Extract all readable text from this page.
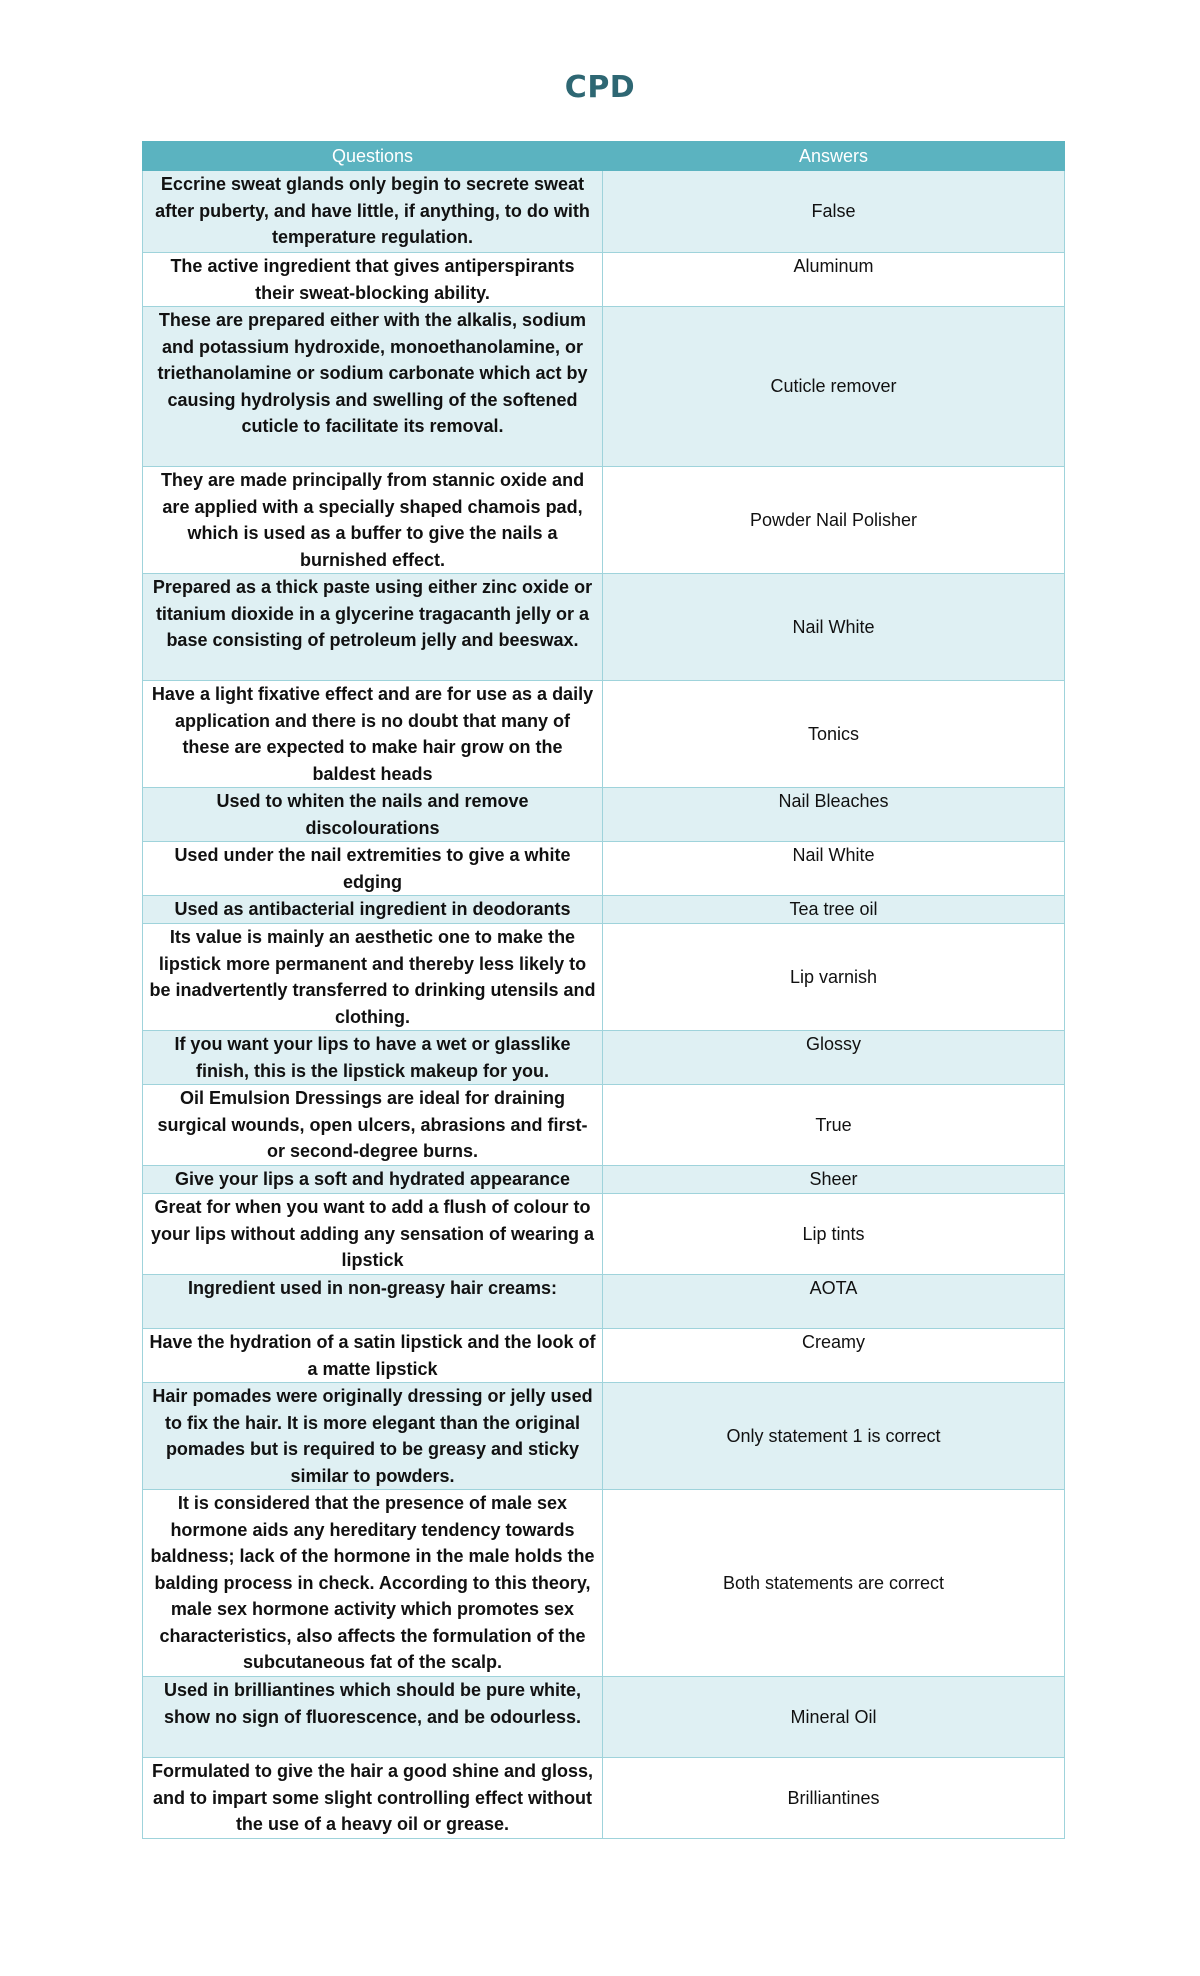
CPD
Questions	Answers
Eccrine sweat glands only begin to secrete sweat after puberty, and have little, if anything, to do with temperature regulation.	False
The active ingredient that gives antiperspirants their sweat-blocking ability.	Aluminum
These are prepared either with the alkalis, sodium and potassium hydroxide, monoethanolamine, or triethanolamine or sodium carbonate which act by causing hydrolysis and swelling of the softened cuticle to facilitate its removal.	Cuticle remover
They are made principally from stannic oxide and are applied with a specially shaped chamois pad, which is used as a buffer to give the nails a burnished effect.	Powder Nail Polisher
Prepared as a thick paste using either zinc oxide or titanium dioxide in a glycerine tragacanth jelly or a base consisting of petroleum jelly and beeswax.	Nail White
Have a light fixative effect and are for use as a daily application and there is no doubt that many of these are expected to make hair grow on the baldest heads	Tonics
Used to whiten the nails and remove discolourations	Nail Bleaches
Used under the nail extremities to give a white edging	Nail White
Used as antibacterial ingredient in deodorants	Tea tree oil
Its value is mainly an aesthetic one to make the lipstick more permanent and thereby less likely to be inadvertently transferred to drinking utensils and clothing.	Lip varnish
If you want your lips to have a wet or glasslike finish, this is the lipstick makeup for you.	Glossy
Oil Emulsion Dressings are ideal for draining surgical wounds, open ulcers, abrasions and first- or second-degree burns.	True
Give your lips a soft and hydrated appearance	Sheer
Great for when you want to add a flush of colour to your lips without adding any sensation of wearing a lipstick	Lip tints
Ingredient used in non-greasy hair creams:	AOTA
Have the hydration of a satin lipstick and the look of a matte lipstick	Creamy
Hair pomades were originally dressing or jelly used to fix the hair. It is more elegant than the original pomades but is required to be greasy and sticky similar to powders.	Only statement 1 is correct
It is considered that the presence of male sex hormone aids any hereditary tendency towards baldness; lack of the hormone in the male holds the balding process in check. According to this theory, male sex hormone activity which promotes sex characteristics, also affects the formulation of the subcutaneous fat of the scalp.	Both statements are correct
Used in brilliantines which should be pure white, show no sign of fluorescence, and be odourless.	Mineral Oil
Formulated to give the hair a good shine and gloss, and to impart some slight controlling effect without the use of a heavy oil or grease.	Brilliantines
